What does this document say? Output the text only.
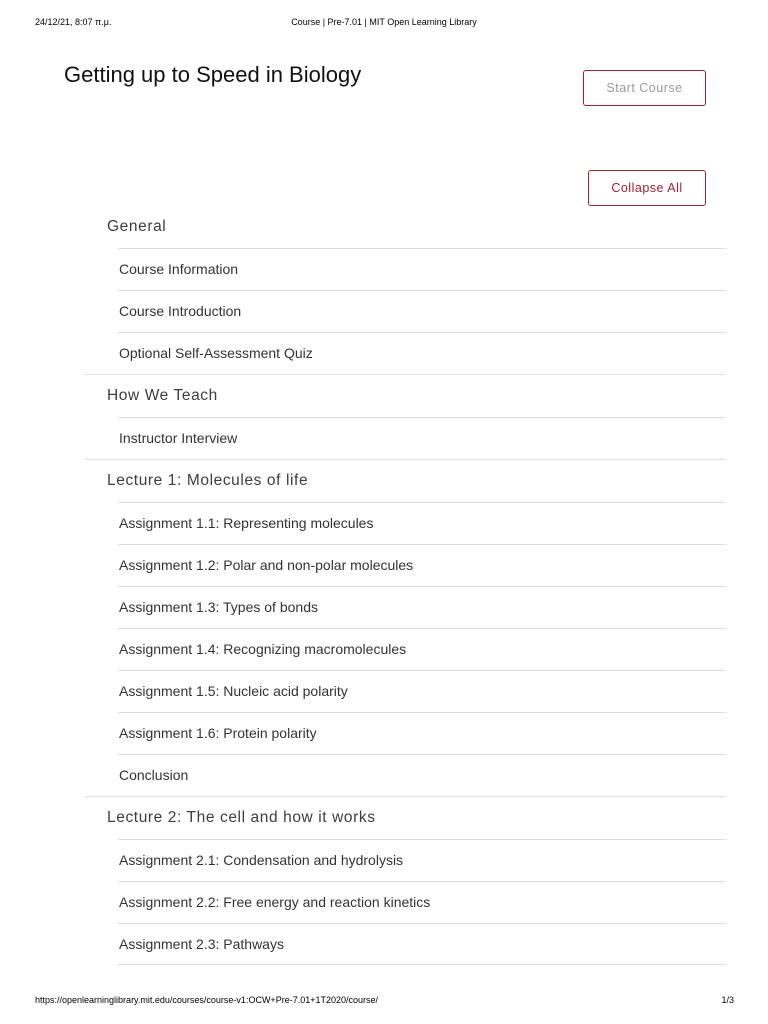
24/12/21, 8:07 π.μ.	Course | Pre-7.01 | MIT Open Learning Library
Getting up to Speed in Biology
Start Course
Collapse All
General
Course Information
Course Introduction
Optional Self-Assessment Quiz
How We Teach
Instructor Interview
Lecture 1: Molecules of life
Assignment 1.1: Representing molecules
Assignment 1.2: Polar and non-polar molecules
Assignment 1.3: Types of bonds
Assignment 1.4: Recognizing macromolecules
Assignment 1.5: Nucleic acid polarity
Assignment 1.6: Protein polarity
Conclusion
Lecture 2: The cell and how it works
Assignment 2.1: Condensation and hydrolysis
Assignment 2.2: Free energy and reaction kinetics
Assignment 2.3: Pathways
https://openlearninglibrary.mit.edu/courses/course-v1:OCW+Pre-7.01+1T2020/course/	1/3
